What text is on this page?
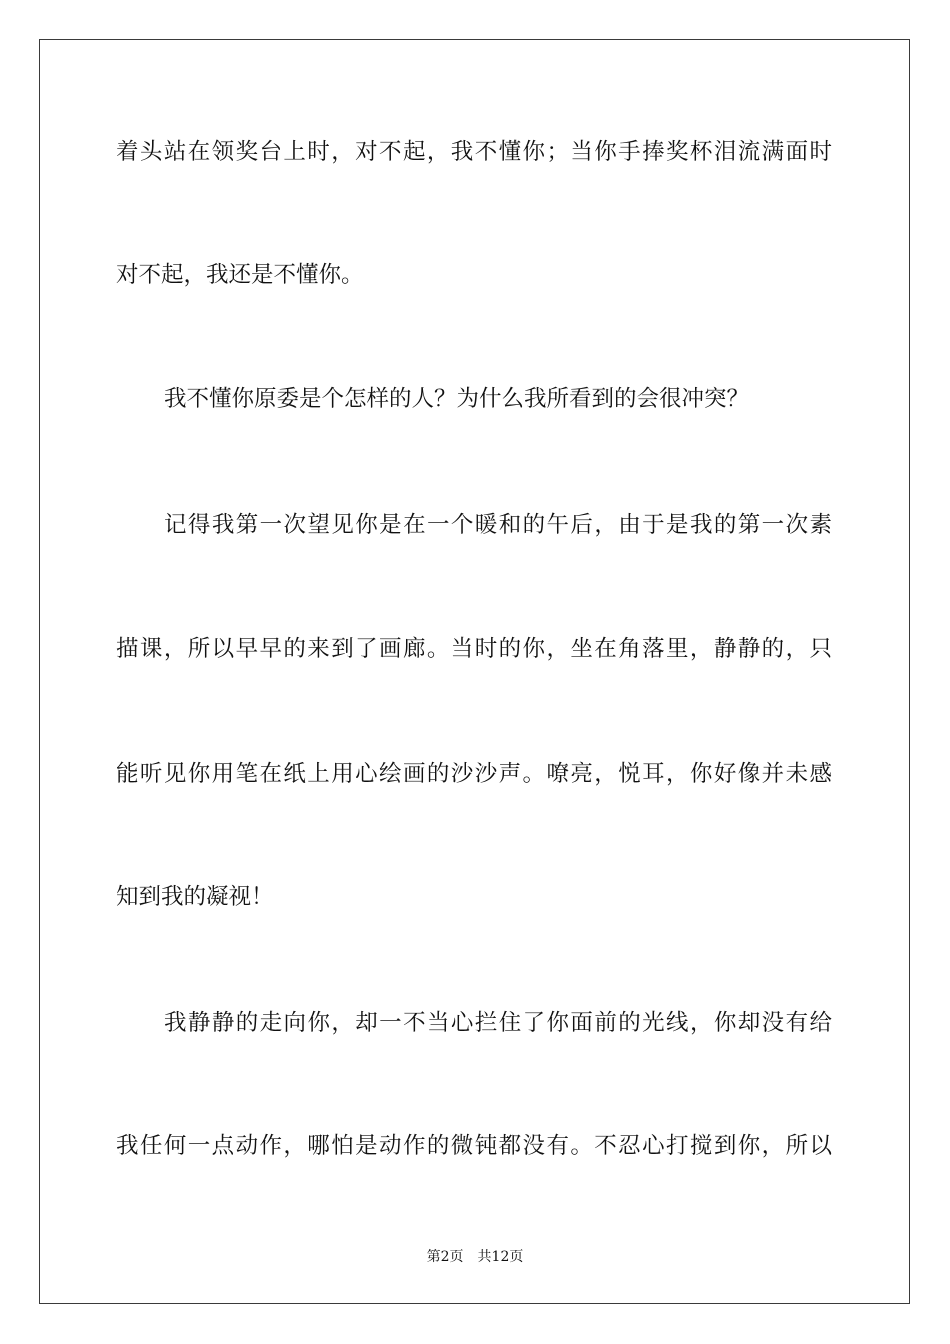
着头站在领奖台上时，对不起，我不懂你；当你手捧奖杯泪流满面时
对不起，我还是不懂你。
我不懂你原委是个怎样的人？为什么我所看到的会很冲突？
记得我第一次望见你是在一个暖和的午后，由于是我的第一次素
描课，所以早早的来到了画廊。当时的你，坐在角落里，静静的，只
能听见你用笔在纸上用心绘画的沙沙声。嘹亮，悦耳，你好像并未感
知到我的凝视！
我静静的走向你，却一不当心拦住了你面前的光线，你却没有给
我任何一点动作，哪怕是动作的微钝都没有。不忍心打搅到你，所以
第2页　共12页
